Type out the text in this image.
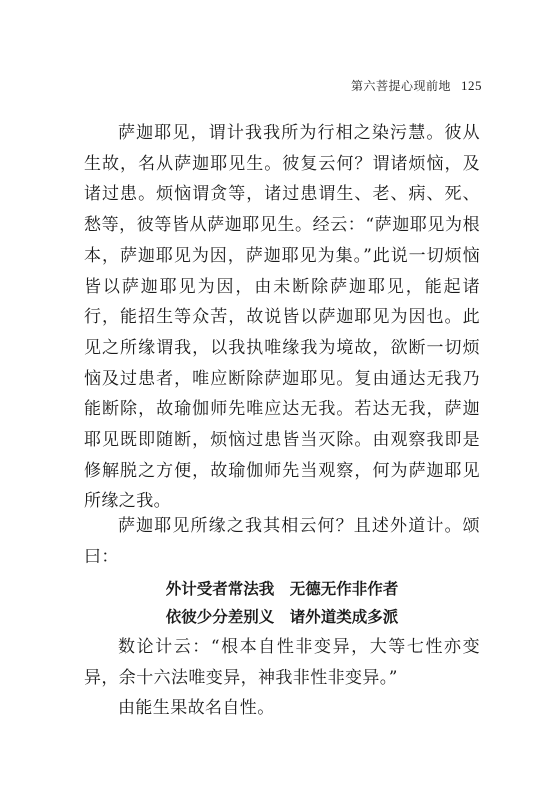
第六菩提心现前地 125

萨迦耶见，谓计我我所为行相之染污慧。彼从生故，名从萨迦耶见生。彼复云何？谓诸烦恼，及诸过患。烦恼谓贪等，诸过患谓生、老、病、死、愁等，彼等皆从萨迦耶见生。经云：“萨迦耶见为根本，萨迦耶见为因，萨迦耶见为集。”此说一切烦恼皆以萨迦耶见为因，由未断除萨迦耶见，能起诸行，能招生等众苦，故说皆以萨迦耶见为因也。此见之所缘谓我，以我执唯缘我为境故，欲断一切烦恼及过患者，唯应断除萨迦耶见。复由通达无我乃能断除，故瑜伽师先唯应达无我。若达无我，萨迦耶见既即随断，烦恼过患皆当灭除。由观察我即是修解脱之方便，故瑜伽师先当观察，何为萨迦耶见所缘之我。

萨迦耶见所缘之我其相云何？且述外道计。颂曰：

外计受者常法我　无德无作非作者
依彼少分差别义　诸外道类成多派

数论计云：“根本自性非变异，大等七性亦变异，余十六法唯变异，神我非性非变异。”

由能生果故名自性。
